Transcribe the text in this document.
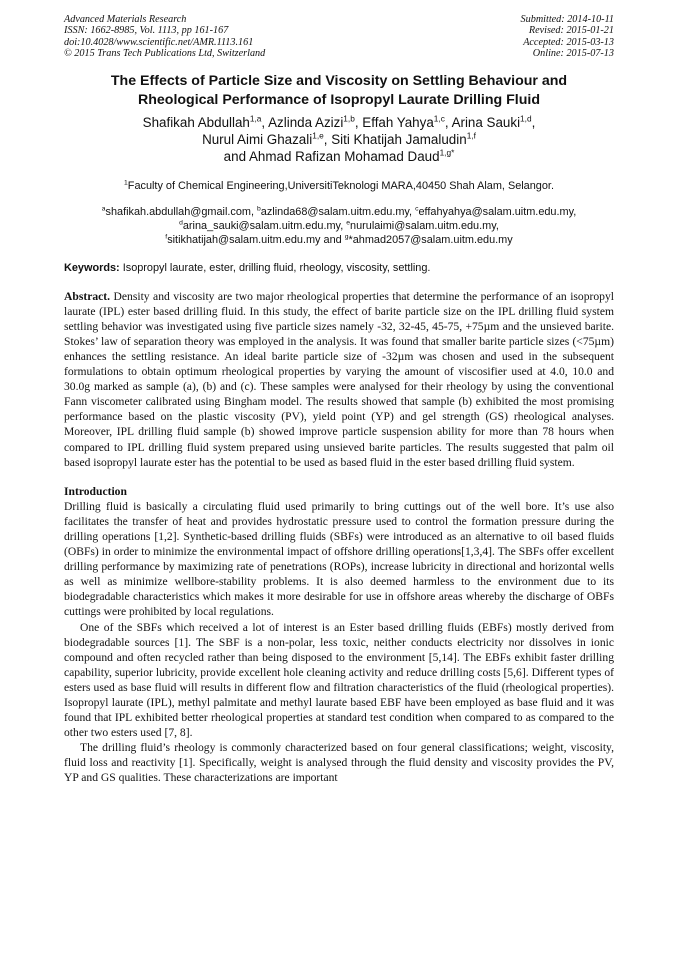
Advanced Materials Research
ISSN: 1662-8985, Vol. 1113, pp 161-167
doi:10.4028/www.scientific.net/AMR.1113.161
© 2015 Trans Tech Publications Ltd, Switzerland
Submitted: 2014-10-11
Revised: 2015-01-21
Accepted: 2015-03-13
Online: 2015-07-13
The Effects of Particle Size and Viscosity on Settling Behaviour and
Rheological Performance of Isopropyl Laurate Drilling Fluid
Shafikah Abdullah$^{1,a}$, Azlinda Azizi$^{1,b}$, Effah Yahya$^{1,c}$, Arina Sauki$^{1,d}$,
Nurul Aimi Ghazali$^{1,e}$, Siti Khatijah Jamaludin$^{1,f}$
and Ahmad Rafizan Mohamad Daud$^{1,g*}$
$^1$Faculty of Chemical Engineering,UniversitiTeknologi MARA,40450 Shah Alam, Selangor.
$^a$shafikah.abdullah@gmail.com, $^b$azlinda68@salam.uitm.edu.my, $^c$effahyahya@salam.uitm.edu.my,
$^d$arina_sauki@salam.uitm.edu.my, $^e$nurulaimi@salam.uitm.edu.my,
$^f$sitikhatijah@salam.uitm.edu.my and $^g$*ahmad2057@salam.uitm.edu.my
Keywords: Isopropyl laurate, ester, drilling fluid, rheology, viscosity, settling.

Abstract. Density and viscosity are two major rheological properties that determine the performance of an isopropyl laurate (IPL) ester based drilling fluid. In this study, the effect of barite particle size on the IPL drilling fluid system settling behavior was investigated using five particle sizes namely -32, 32-45, 45-75, +75µm and the unsieved barite. Stokes’ law of separation theory was employed in the analysis. It was found that smaller barite particle sizes (<75µm) enhances the settling resistance. An ideal barite particle size of -32µm was chosen and used in the subsequent formulations to obtain optimum rheological properties by varying the amount of viscosifier used at 4.0, 10.0 and 30.0g marked as sample (a), (b) and (c). These samples were analysed for their rheology by using the conventional Fann viscometer calibrated using Bingham model. The results showed that sample (b) exhibited the most promising performance based on the plastic viscosity (PV), yield point (YP) and gel strength (GS) rheological analyses. Moreover, IPL drilling fluid sample (b) showed improve particle suspension ability for more than 78 hours when compared to IPL drilling fluid system prepared using unsieved barite particles. The results suggested that palm oil based isopropyl laurate ester has the potential to be used as based fluid in the ester based drilling fluid system.

Introduction

Drilling fluid is basically a circulating fluid used primarily to bring cuttings out of the well bore. It’s use also facilitates the transfer of heat and provides hydrostatic pressure used to control the formation pressure during the drilling operations [1,2]. Synthetic-based drilling fluids (SBFs) were introduced as an alternative to oil based fluids (OBFs) in order to minimize the environmental impact of offshore drilling operations[1,3,4]. The SBFs offer excellent drilling performance by maximizing rate of penetrations (ROPs), increase lubricity in directional and horizontal wells as well as minimize wellbore-stability problems. It is also deemed harmless to the environment due to its biodegradable characteristics which makes it more desirable for use in offshore areas whereby the discharge of OBFs cuttings were prohibited by local regulations.

One of the SBFs which received a lot of interest is an Ester based drilling fluids (EBFs) mostly derived from biodegradable sources [1]. The SBF is a non-polar, less toxic, neither conducts electricity nor dissolves in ionic compound and often recycled rather than being disposed to the environment [5,14]. The EBFs exhibit faster drilling capability, superior lubricity, provide excellent hole cleaning activity and reduce drilling costs [5,6]. Different types of esters used as base fluid will results in different flow and filtration characteristics of the fluid (rheological properties). Isopropyl laurate (IPL), methyl palmitate and methyl laurate based EBF have been employed as base fluid and it was found that IPL exhibited better rheological properties at standard test condition when compared to as compared to the other two esters used [7, 8].

The drilling fluid’s rheology is commonly characterized based on four general classifications; weight, viscosity, fluid loss and reactivity [1]. Specifically, weight is analysed through the fluid density and viscosity provides the PV, YP and GS qualities. These characterizations are important
